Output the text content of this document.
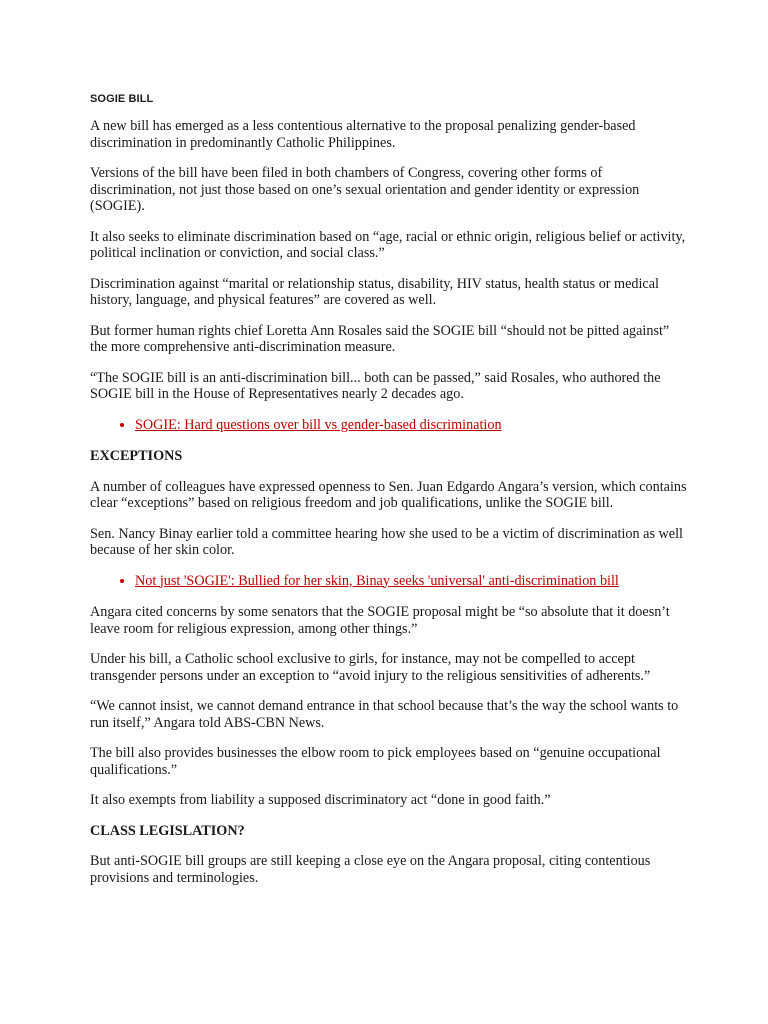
SOGIE BILL

A new bill has emerged as a less contentious alternative to the proposal penalizing gender-based discrimination in predominantly Catholic Philippines.

Versions of the bill have been filed in both chambers of Congress, covering other forms of discrimination, not just those based on one’s sexual orientation and gender identity or expression (SOGIE).

It also seeks to eliminate discrimination based on “age, racial or ethnic origin, religious belief or activity, political inclination or conviction, and social class.”

Discrimination against “marital or relationship status, disability, HIV status, health status or medical history, language, and physical features” are covered as well.

But former human rights chief Loretta Ann Rosales said the SOGIE bill “should not be pitted against” the more comprehensive anti-discrimination measure.

“The SOGIE bill is an anti-discrimination bill... both can be passed,” said Rosales, who authored the SOGIE bill in the House of Representatives nearly 2 decades ago.

• SOGIE: Hard questions over bill vs gender-based discrimination
EXCEPTIONS

A number of colleagues have expressed openness to Sen. Juan Edgardo Angara’s version, which contains clear “exceptions” based on religious freedom and job qualifications, unlike the SOGIE bill.

Sen. Nancy Binay earlier told a committee hearing how she used to be a victim of discrimination as well because of her skin color.

• Not just 'SOGIE': Bullied for her skin, Binay seeks 'universal' anti-discrimination bill

Angara cited concerns by some senators that the SOGIE proposal might be “so absolute that it doesn’t leave room for religious expression, among other things.”

Under his bill, a Catholic school exclusive to girls, for instance, may not be compelled to accept transgender persons under an exception to “avoid injury to the religious sensitivities of adherents.”

“We cannot insist, we cannot demand entrance in that school because that’s the way the school wants to run itself,” Angara told ABS-CBN News.

The bill also provides businesses the elbow room to pick employees based on “genuine occupational qualifications.”

It also exempts from liability a supposed discriminatory act “done in good faith.”

CLASS LEGISLATION?

But anti-SOGIE bill groups are still keeping a close eye on the Angara proposal, citing contentious provisions and terminologies.
